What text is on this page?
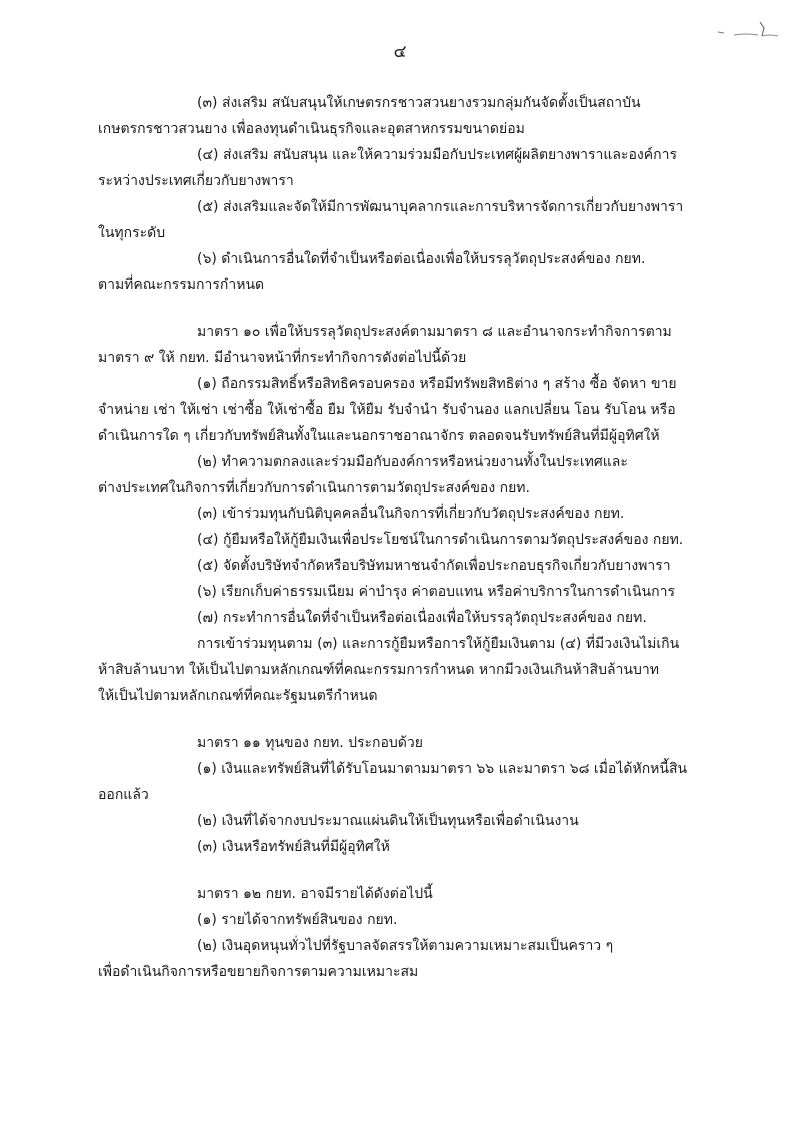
๔
(๓) ส่งเสริม สนับสนุนให้เกษตรกรชาวสวนยางรวมกลุ่มกันจัดตั้งเป็นสถาบัน
เกษตรกรชาวสวนยาง เพื่อลงทุนดำเนินธุรกิจและอุตสาหกรรมขนาดย่อม
(๔) ส่งเสริม สนับสนุน และให้ความร่วมมือกับประเทศผู้ผลิตยางพาราและองค์การ
ระหว่างประเทศเกี่ยวกับยางพารา
(๕) ส่งเสริมและจัดให้มีการพัฒนาบุคลากรและการบริหารจัดการเกี่ยวกับยางพารา
ในทุกระดับ
(๖) ดำเนินการอื่นใดที่จำเป็นหรือต่อเนื่องเพื่อให้บรรลุวัตถุประสงค์ของ กยท.
ตามที่คณะกรรมการกำหนด
มาตรา ๑๐ เพื่อให้บรรลุวัตถุประสงค์ตามมาตรา ๘ และอำนาจกระทำกิจการตาม
มาตรา ๙ ให้ กยท. มีอำนาจหน้าที่กระทำกิจการดังต่อไปนี้ด้วย
(๑) ถือกรรมสิทธิ์หรือสิทธิครอบครอง หรือมีทรัพยสิทธิต่าง ๆ สร้าง ซื้อ จัดหา ขาย
จำหน่าย เช่า ให้เช่า เช่าซื้อ ให้เช่าซื้อ ยืม ให้ยืม รับจำนำ รับจำนอง แลกเปลี่ยน โอน รับโอน หรือ
ดำเนินการใด ๆ เกี่ยวกับทรัพย์สินทั้งในและนอกราชอาณาจักร ตลอดจนรับทรัพย์สินที่มีผู้อุทิศให้
(๒) ทำความตกลงและร่วมมือกับองค์การหรือหน่วยงานทั้งในประเทศและ
ต่างประเทศในกิจการที่เกี่ยวกับการดำเนินการตามวัตถุประสงค์ของ กยท.
(๓) เข้าร่วมทุนกับนิติบุคคลอื่นในกิจการที่เกี่ยวกับวัตถุประสงค์ของ กยท.
(๔) กู้ยืมหรือให้กู้ยืมเงินเพื่อประโยชน์ในการดำเนินการตามวัตถุประสงค์ของ กยท.
(๕) จัดตั้งบริษัทจำกัดหรือบริษัทมหาชนจำกัดเพื่อประกอบธุรกิจเกี่ยวกับยางพารา
(๖) เรียกเก็บค่าธรรมเนียม ค่าบำรุง ค่าตอบแทน หรือค่าบริการในการดำเนินการ
(๗) กระทำการอื่นใดที่จำเป็นหรือต่อเนื่องเพื่อให้บรรลุวัตถุประสงค์ของ กยท.
การเข้าร่วมทุนตาม (๓) และการกู้ยืมหรือการให้กู้ยืมเงินตาม (๔) ที่มีวงเงินไม่เกิน
ห้าสิบล้านบาท ให้เป็นไปตามหลักเกณฑ์ที่คณะกรรมการกำหนด หากมีวงเงินเกินห้าสิบล้านบาท
ให้เป็นไปตามหลักเกณฑ์ที่คณะรัฐมนตรีกำหนด
มาตรา ๑๑ ทุนของ กยท. ประกอบด้วย
(๑) เงินและทรัพย์สินที่ได้รับโอนมาตามมาตรา ๖๖ และมาตรา ๖๘ เมื่อได้หักหนี้สิน
ออกแล้ว
(๒) เงินที่ได้จากงบประมาณแผ่นดินให้เป็นทุนหรือเพื่อดำเนินงาน
(๓) เงินหรือทรัพย์สินที่มีผู้อุทิศให้
มาตรา ๑๒ กยท. อาจมีรายได้ดังต่อไปนี้
(๑) รายได้จากทรัพย์สินของ กยท.
(๒) เงินอุดหนุนทั่วไปที่รัฐบาลจัดสรรให้ตามความเหมาะสมเป็นคราว ๆ
เพื่อดำเนินกิจการหรือขยายกิจการตามความเหมาะสม
